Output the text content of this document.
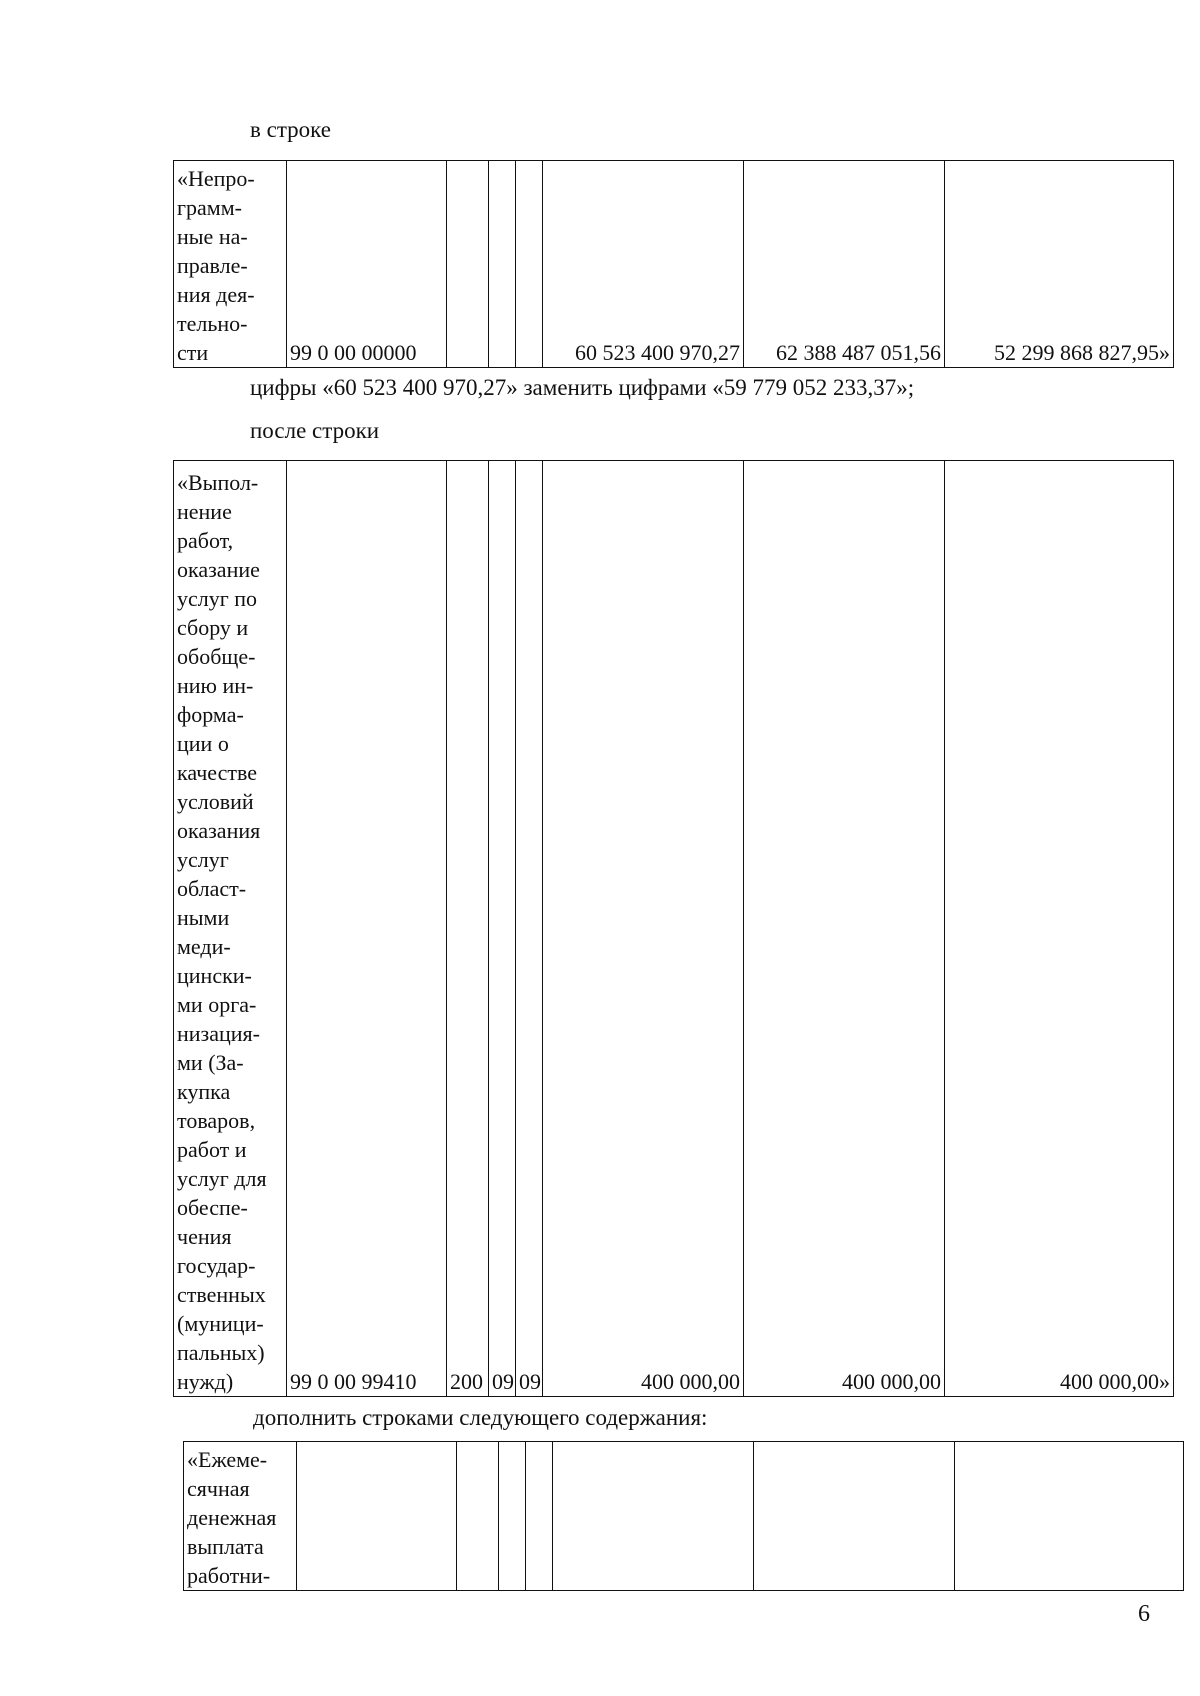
в строке

«Непро-
грамм-
ные на-
правле-
ния дея-
тельно-
сти	99 0 00 00000				60 523 400 970,27	62 388 487 051,56	52 299 868 827,95»

цифры «60 523 400 970,27» заменить цифрами «59 779 052 233,37»;

после строки

«Выпол-
нение
работ,
оказание
услуг по
сбору и
обобще-
нию ин-
форма-
ции о
качестве
условий
оказания
услуг
област-
ными
меди-
цински-
ми орга-
низация-
ми (За-
купка
товаров,
работ и
услуг для
обеспе-
чения
государ-
ственных
(муници-
пальных)
нужд)	99 0 00 99410	200	09	09	400 000,00	400 000,00	400 000,00»

дополнить строками следующего содержания:

«Ежеме-
сячная
денежная
выплата
работни-							
6
